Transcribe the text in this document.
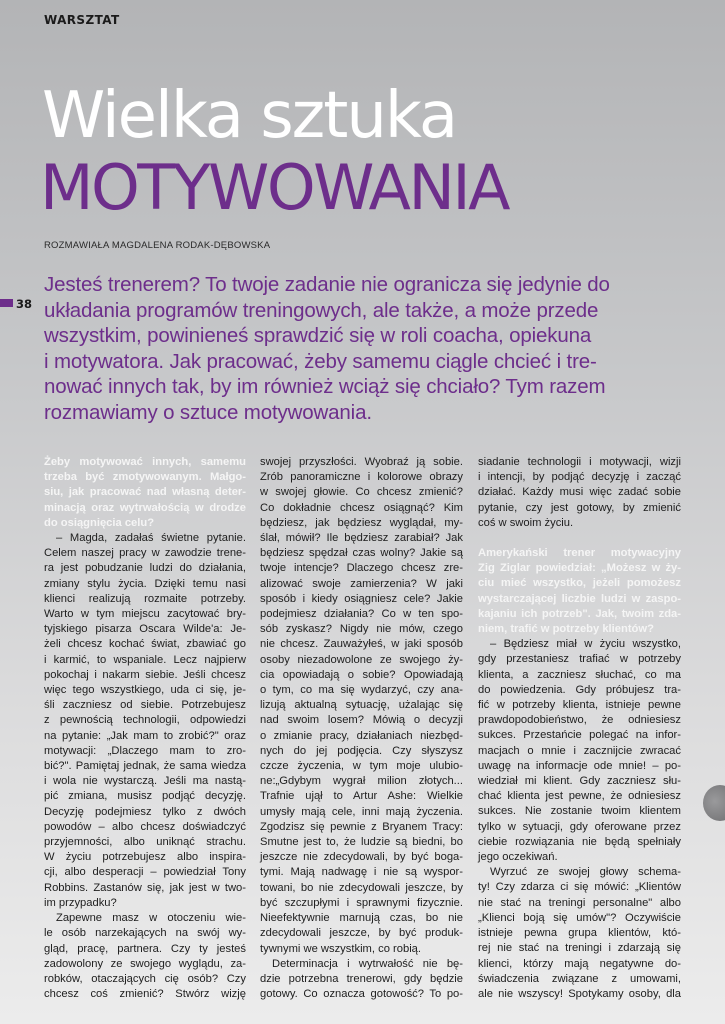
WARSZTAT
Wielka sztuka
MOTYWOWANIA
ROZMAWIAŁA MAGDALENA RODAK-DĘBOWSKA
38

Jesteś trenerem? To twoje zadanie nie ogranicza się jedynie do
układania programów treningowych, ale także, a może przede
wszystkim, powinieneś sprawdzić się w roli coacha, opiekuna
i motywatora. Jak pracować, żeby samemu ciągle chcieć i tre-
nować innych tak, by im również wciąż się chciało? Tym razem
rozmawiamy o sztuce motywowania.

Żeby motywować innych, samemu
trzeba być zmotywowanym. Małgo-
siu, jak pracować nad własną deter-
minacją oraz wytrwałością w drodze
do osiągnięcia celu?
– Magda, zadałaś świetne pytanie.
Celem naszej pracy w zawodzie trene-
ra jest pobudzanie ludzi do działania,
zmiany stylu życia. Dzięki temu nasi
klienci realizują rozmaite potrzeby.
Warto w tym miejscu zacytować bry-
tyjskiego pisarza Oscara Wilde'a: Je-
żeli chcesz kochać świat, zbawiać go
i karmić, to wspaniale. Lecz najpierw
pokochaj i nakarm siebie. Jeśli chcesz
więc tego wszystkiego, uda ci się, je-
śli zaczniesz od siebie. Potrzebujesz
z pewnością technologii, odpowiedzi
na pytanie: „Jak mam to zrobić?" oraz
motywacji: „Dlaczego mam to zro-
bić?". Pamiętaj jednak, że sama wiedza
i wola nie wystarczą. Jeśli ma nastą-
pić zmiana, musisz podjąć decyzję.
Decyzję podejmiesz tylko z dwóch
powodów – albo chcesz doświadczyć
przyjemności, albo uniknąć strachu.
W życiu potrzebujesz albo inspira-
cji, albo desperacji – powiedział Tony
Robbins. Zastanów się, jak jest w two-
im przypadku?
Zapewne masz w otoczeniu wie-
le osób narzekających na swój wy-
gląd, pracę, partnera. Czy ty jesteś
zadowolony ze swojego wyglądu, za-
robków, otaczających cię osób? Czy
chcesz coś zmienić? Stwórz wizję
swojej przyszłości. Wyobraź ją sobie.
Zrób panoramiczne i kolorowe obrazy
w swojej głowie. Co chcesz zmienić?
Co dokładnie chcesz osiągnąć? Kim
będziesz, jak będziesz wyglądał, my-
ślał, mówił? Ile będziesz zarabiał? Jak
będziesz spędzał czas wolny? Jakie są
twoje intencje? Dlaczego chcesz zre-
alizować swoje zamierzenia? W jaki
sposób i kiedy osiągniesz cele? Jakie
podejmiesz działania? Co w ten spo-
sób zyskasz? Nigdy nie mów, czego
nie chcesz. Zauważyłeś, w jaki sposób
osoby niezadowolone ze swojego ży-
cia opowiadają o sobie? Opowiadają
o tym, co ma się wydarzyć, czy ana-
lizują aktualną sytuację, użalając się
nad swoim losem? Mówią o decyzji
o zmianie pracy, działaniach niezbęd-
nych do jej podjęcia. Czy słyszysz
czcze życzenia, w tym moje ulubio-
ne:„Gdybym wygrał milion złotych...
Trafnie ujął to Artur Ashe: Wielkie
umysły mają cele, inni mają życzenia.
Zgodzisz się pewnie z Bryanem Tracy:
Smutne jest to, że ludzie są biedni, bo
jeszcze nie zdecydowali, by być boga-
tymi. Mają nadwagę i nie są wyspor-
towani, bo nie zdecydowali jeszcze, by
być szczupłymi i sprawnymi fizycznie.
Nieefektywnie marnują czas, bo nie
zdecydowali jeszcze, by być produk-
tywnymi we wszystkim, co robią.
Determinacja i wytrwałość nie bę-
dzie potrzebna trenerowi, gdy będzie
gotowy. Co oznacza gotowość? To po-
siadanie technologii i motywacji, wizji
i intencji, by podjąć decyzję i zacząć
działać. Każdy musi więc zadać sobie
pytanie, czy jest gotowy, by zmienić
coś w swoim życiu.
Amerykański trener motywacyjny
Zig Ziglar powiedział: „Możesz w ży-
ciu mieć wszystko, jeżeli pomożesz
wystarczającej liczbie ludzi w zaspo-
kajaniu ich potrzeb". Jak, twoim zda-
niem, trafić w potrzeby klientów?
– Będziesz miał w życiu wszystko,
gdy przestaniesz trafiać w potrzeby
klienta, a zaczniesz słuchać, co ma
do powiedzenia. Gdy próbujesz tra-
fić w potrzeby klienta, istnieje pewne
prawdopodobieństwo, że odniesiesz
sukces. Przestańcie polegać na infor-
macjach o mnie i zacznijcie zwracać
uwagę na informacje ode mnie! – po-
wiedział mi klient. Gdy zaczniesz słu-
chać klienta jest pewne, że odniesiesz
sukces. Nie zostanie twoim klientem
tylko w sytuacji, gdy oferowane przez
ciebie rozwiązania nie będą spełniały
jego oczekiwań.
Wyrzuć ze swojej głowy schema-
ty! Czy zdarza ci się mówić: „Klientów
nie stać na treningi personalne" albo
„Klienci boją się umów"? Oczywiście
istnieje pewna grupa klientów, któ-
rej nie stać na treningi i zdarzają się
klienci, którzy mają negatywne do-
świadczenia związane z umowami,
ale nie wszyscy! Spotykamy osoby, dla
